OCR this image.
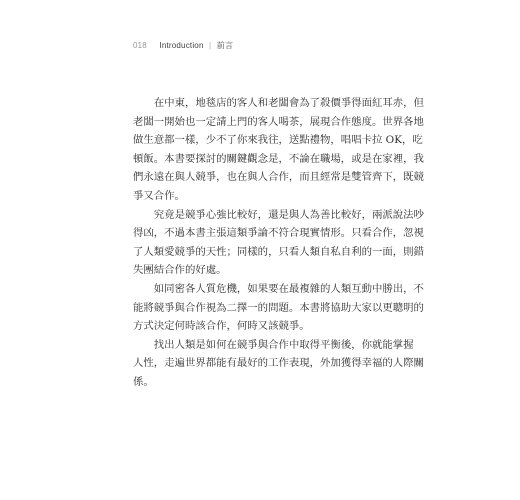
018 Introduction | 前言

在中東，地毯店的客人和老闆會為了殺價爭得面紅耳赤，但
老闆一開始也一定請上門的客人喝茶，展現合作態度。世界各地
做生意都一樣，少不了你來我往，送點禮物，唱唱卡拉 OK，吃
頓飯。本書要探討的關鍵觀念是，不論在職場，或是在家裡，我
們永遠在與人競爭，也在與人合作，而且經常是雙管齊下，既競
爭又合作。

究竟是競爭心強比較好，還是與人為善比較好，兩派說法吵
得凶，不過本書主張這類爭論不符合現實情形。只看合作，忽視
了人類愛競爭的天性；同樣的，只看人類自私自利的一面，則錯
失團結合作的好處。

如同密各人質危機，如果要在最複雜的人類互動中勝出，不
能將競爭與合作視為二擇一的問題。本書將協助大家以更聰明的
方式決定何時該合作，何時又該競爭。

找出人類是如何在競爭與合作中取得平衡後，你就能掌握
人性，走遍世界都能有最好的工作表現，外加獲得幸福的人際關
係。
